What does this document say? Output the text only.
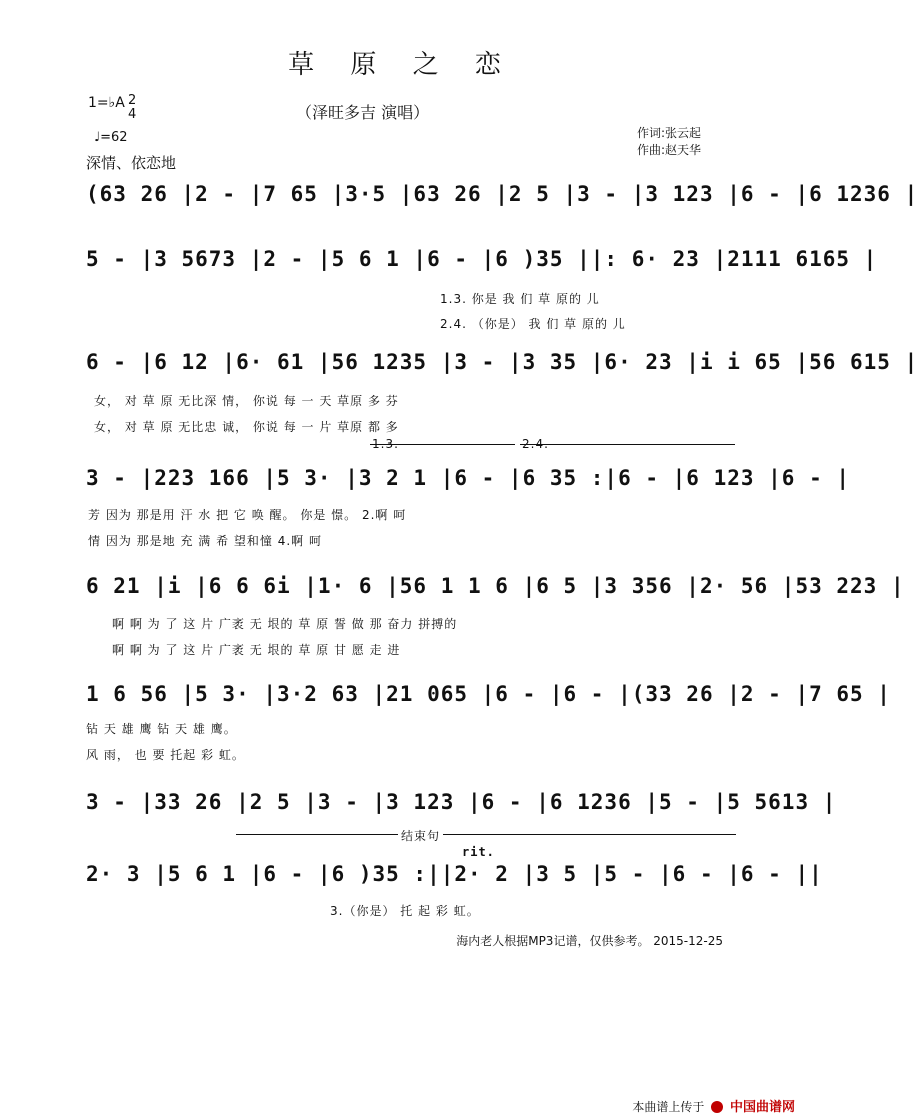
草 原 之 恋
（泽旺多吉 演唱）
1=♭A 2
4
♩=62	作词:张云起
作曲:赵天华
深情、依恋地
(63 26 |2 - |7 65 |3·5 |63 26 |2 5 |3 - |3 123 |6 - |6 1236 |
5 - |3 5673 |2 - |5 6 1 |6 - |6 )35 ||: 6· 23 |2111 6165 |
1.3. 你是 我 们 草 原的 儿
2.4. （你是） 我 们 草 原的 儿
6 - |6 12 |6· 61 |56 1235 |3 - |3 35 |6· 23 |i i 65 |56 615 |
女， 对 草 原 无比深 情， 你说 每 一 天 草原 多 芬
女， 对 草 原 无比忠 诚， 你说 每 一 片 草原 都 多
1.3.	2.4.
3 - |223 166 |5 3· |3 2 1 |6 - |6 35 :|6 - |6 123 |6 - |
芳 因为 那是用 汗 水 把 它 唤 醒。 你是 憬。 2.啊 呵
情 因为 那是地 充 满 希 望和憧 4.啊 呵
6 21 |i |6 6 6i |1· 6 |56 1 1 6 |6 5 |3 356 |2· 56 |53 223 |
啊 啊 为 了 这 片 广袤 无 垠的 草 原 誓 做 那 奋力 拼搏的
啊 啊 为 了 这 片 广袤 无 垠的 草 原 甘 愿 走 进
1 6 56 |5 3· |3·2 63 |21 065 |6 - |6 - |(33 26 |2 - |7 65 |
钻 天 雄 鹰 钻 天 雄 鹰。
风 雨， 也 要 托起 彩 虹。
3 - |33 26 |2 5 |3 - |3 123 |6 - |6 1236 |5 - |5 5613 |
结束句
rit.
2· 3 |5 6 1 |6 - |6 )35 :||2· 2 |3 5 |5 - |6 - |6 - ||
3.（你是） 托 起 彩 虹。
海内老人根据MP3记谱，仅供参考。 2015-12-25
本曲谱上传于 中国曲谱网
